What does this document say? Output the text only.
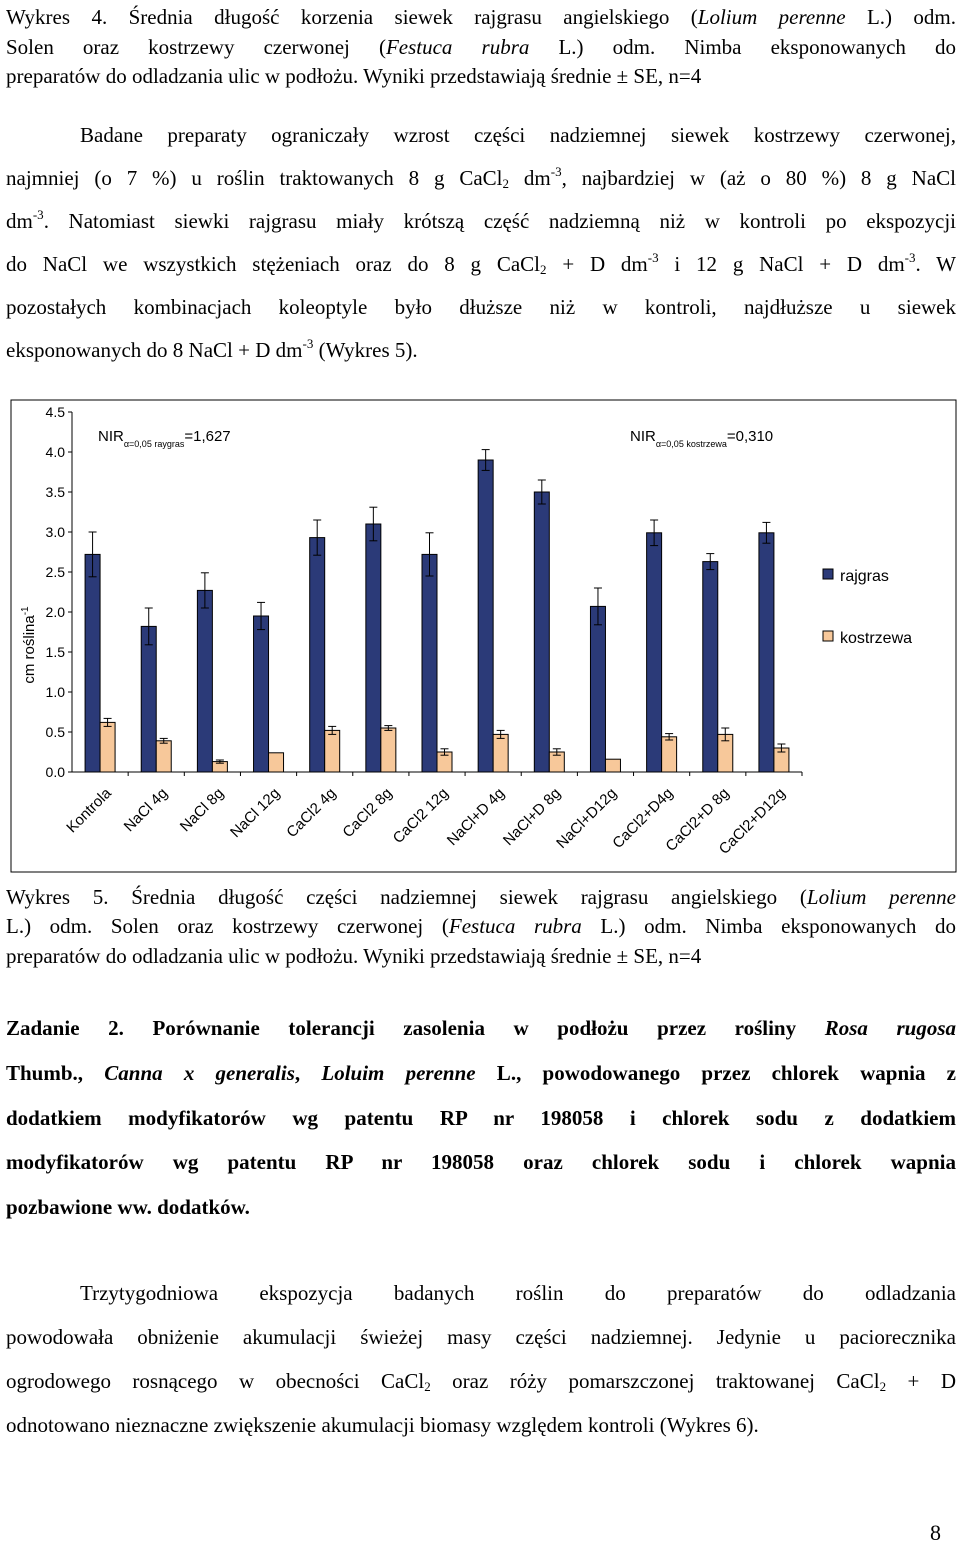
Wykres 4. Średnia długość korzenia siewek rajgrasu angielskiego (Lolium perenne L.) odm.
Solen oraz kostrzewy czerwonej (Festuca rubra L.) odm. Nimba eksponowanych do
preparatów do odladzania ulic w podłożu. Wyniki przedstawiają średnie ± SE, n=4
Badane preparaty ograniczały wzrost części nadziemnej siewek kostrzewy czerwonej,
najmniej (o 7 %) u roślin traktowanych 8 g CaCl$_2$ $dm^{-3}$, najbardziej w (aż o 80 %) 8 g NaCl
$dm^{-3}$. Natomiast siewki rajgrasu miały krótszą część nadziemną niż w kontroli po ekspozycji
do NaCl we wszystkich stężeniach oraz do 8 g CaCl$_2$ + D $dm^{-3}$ i 12 g NaCl + D $dm^{-3}$. W
pozostałych kombinacjach koleoptyle było dłuższe niż w kontroli, najdłuższe u siewek
eksponowanych do 8 NaCl + D $dm^{-3}$ (Wykres 5).
0.0
0.5
1.0
1.5
2.0
2.5
3.0
3.5
4.0
4.5
Kontrola NaCl 4g NaCl 8g NaCl 12g CaCl2 4g CaCl2 8g
CaCl2 12g
NaCl+D 4g
NaCl+D 8g
NaCl+D12g
CaCl2+D4g
CaCl2+D 8g
CaCl2+D12g
cm roślina$^{-1}$
$NIR_{\alpha=0,05 raygras}=1,627$	$NIR_{\alpha=0,05 kostrzewa}=0,310$
rajgras
kostrzewa
Wykres 5. Średnia długość części nadziemnej siewek rajgrasu angielskiego (Lolium perenne
L.) odm. Solen oraz kostrzewy czerwonej (Festuca rubra L.) odm. Nimba eksponowanych do
preparatów do odladzania ulic w podłożu. Wyniki przedstawiają średnie ± SE, n=4
Zadanie 2. Porównanie tolerancji zasolenia w podłożu przez rośliny Rosa rugosa
Thumb., Canna x generalis, Loluim perenne L., powodowanego przez chlorek wapnia z
dodatkiem modyfikatorów wg patentu RP nr 198058 i chlorek sodu z dodatkiem
modyfikatorów wg patentu RP nr 198058 oraz chlorek sodu i chlorek wapnia
pozbawione ww. dodatków.
Trzytygodniowa ekspozycja badanych roślin do preparatów do odladzania
powodowała obniżenie akumulacji świeżej masy części nadziemnej. Jedynie u paciorecznika
ogrodowego rosnącego w obecności CaCl$_2$ oraz róży pomarszczonej traktowanej CaCl$_2$ + D
odnotowano nieznaczne zwiększenie akumulacji biomasy względem kontroli (Wykres 6).
8
